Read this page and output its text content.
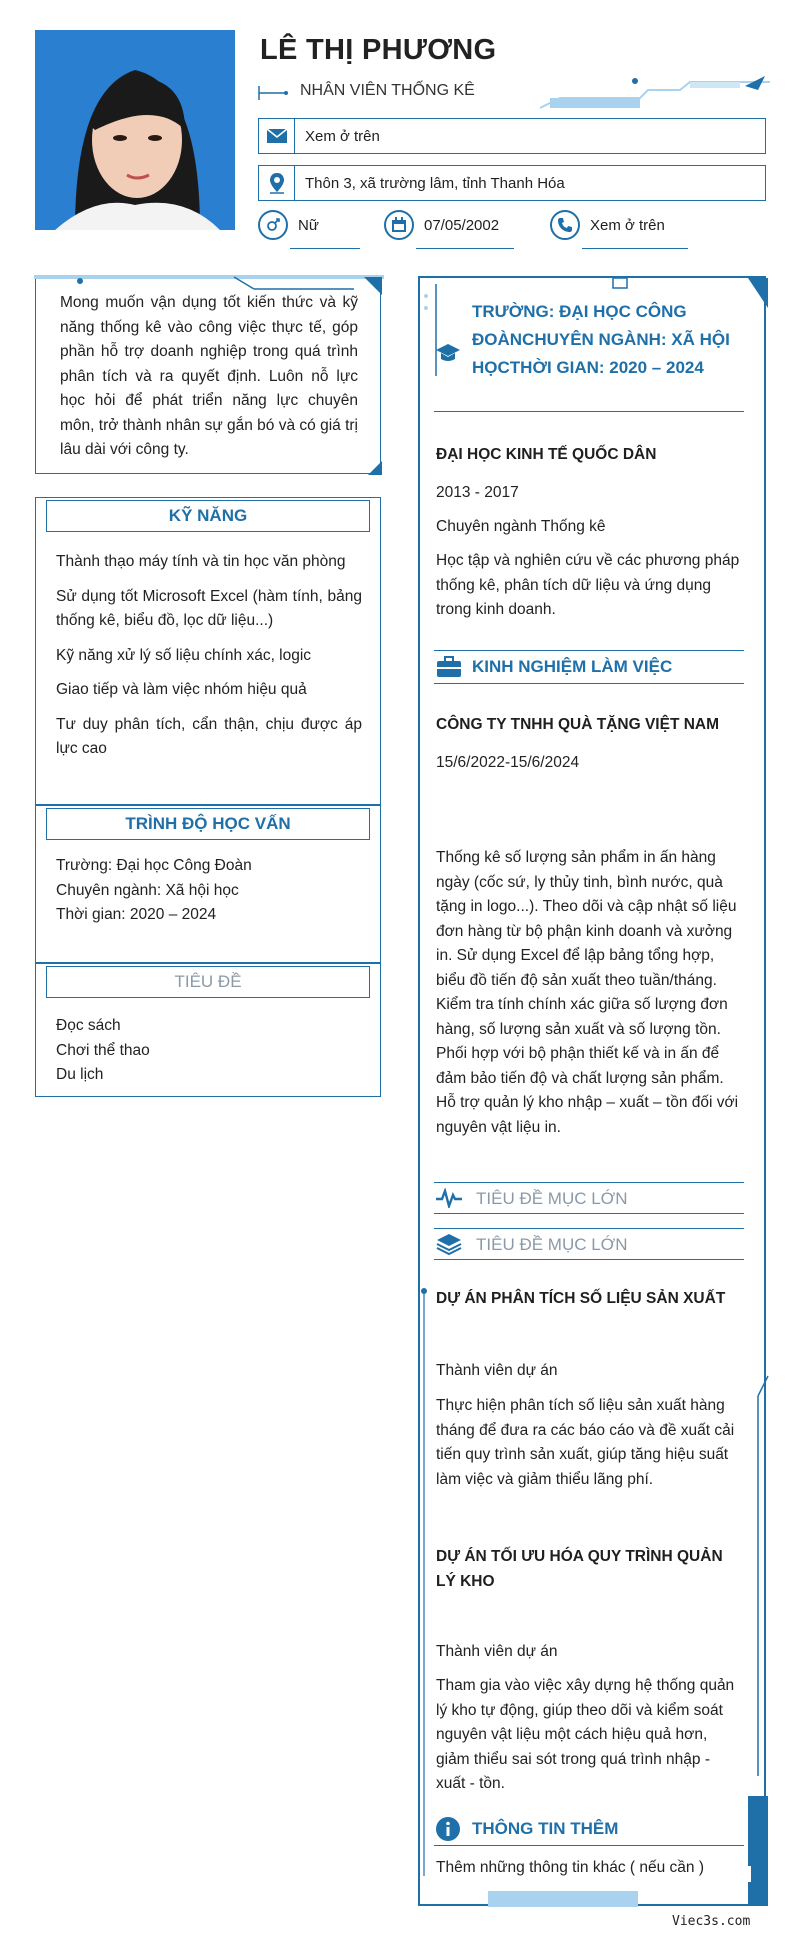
LÊ THỊ PHƯƠNG
NHÂN VIÊN THỐNG KÊ
Xem ở trên
Thôn 3, xã trường lâm, tỉnh Thanh Hóa
Nữ	07/05/2002	Xem ở trên
Mong muốn vận dụng tốt kiến thức và kỹ năng thống kê vào công việc thực tế, góp phần hỗ trợ doanh nghiệp trong quá trình phân tích và ra quyết định. Luôn nỗ lực học hỏi để phát triển năng lực chuyên môn, trở thành nhân sự gắn bó và có giá trị lâu dài với công ty.
KỸ NĂNG
Thành thạo máy tính và tin học văn phòng
Sử dụng tốt Microsoft Excel (hàm tính, bảng thống kê, biểu đồ, lọc dữ liệu...)
Kỹ năng xử lý số liệu chính xác, logic
Giao tiếp và làm việc nhóm hiệu quả
Tư duy phân tích, cẩn thận, chịu được áp lực cao
TRÌNH ĐỘ HỌC VẤN
Trường: Đại học Công Đoàn
Chuyên ngành: Xã hội học
Thời gian: 2020 – 2024
TIÊU ĐỀ
Đọc sách
Chơi thể thao
Du lịch
TRƯỜNG: ĐẠI HỌC CÔNG ĐOÀNCHUYÊN NGÀNH: XÃ HỘI HỌCTHỜI GIAN: 2020 – 2024
ĐẠI HỌC KINH TẾ QUỐC DÂN
2013 - 2017
Chuyên ngành Thống kê
Học tập và nghiên cứu về các phương pháp thống kê, phân tích dữ liệu và ứng dụng trong kinh doanh.
KINH NGHIỆM LÀM VIỆC
CÔNG TY TNHH QUÀ TẶNG VIỆT NAM
15/6/2022-15/6/2024
Thống kê số lượng sản phẩm in ấn hàng ngày (cốc sứ, ly thủy tinh, bình nước, quà tặng in logo...). Theo dõi và cập nhật số liệu đơn hàng từ bộ phận kinh doanh và xưởng in. Sử dụng Excel để lập bảng tổng hợp, biểu đồ tiến độ sản xuất theo tuần/tháng. Kiểm tra tính chính xác giữa số lượng đơn hàng, số lượng sản xuất và số lượng tồn. Phối hợp với bộ phận thiết kế và in ấn để đảm bảo tiến độ và chất lượng sản phẩm. Hỗ trợ quản lý kho nhập – xuất – tồn đối với nguyên vật liệu in.
TIÊU ĐỀ MỤC LỚN
TIÊU ĐỀ MỤC LỚN
DỰ ÁN PHÂN TÍCH SỐ LIỆU SẢN XUẤT
Thành viên dự án
Thực hiện phân tích số liệu sản xuất hàng tháng để đưa ra các báo cáo và đề xuất cải tiến quy trình sản xuất, giúp tăng hiệu suất làm việc và giảm thiểu lãng phí.
DỰ ÁN TỐI ƯU HÓA QUY TRÌNH QUẢN LÝ KHO
Thành viên dự án
Tham gia vào việc xây dựng hệ thống quản lý kho tự động, giúp theo dõi và kiểm soát nguyên vật liệu một cách hiệu quả hơn, giảm thiểu sai sót trong quá trình nhập - xuất - tồn.
THÔNG TIN THÊM
Thêm những thông tin khác ( nếu cần )
Viec3s.com
